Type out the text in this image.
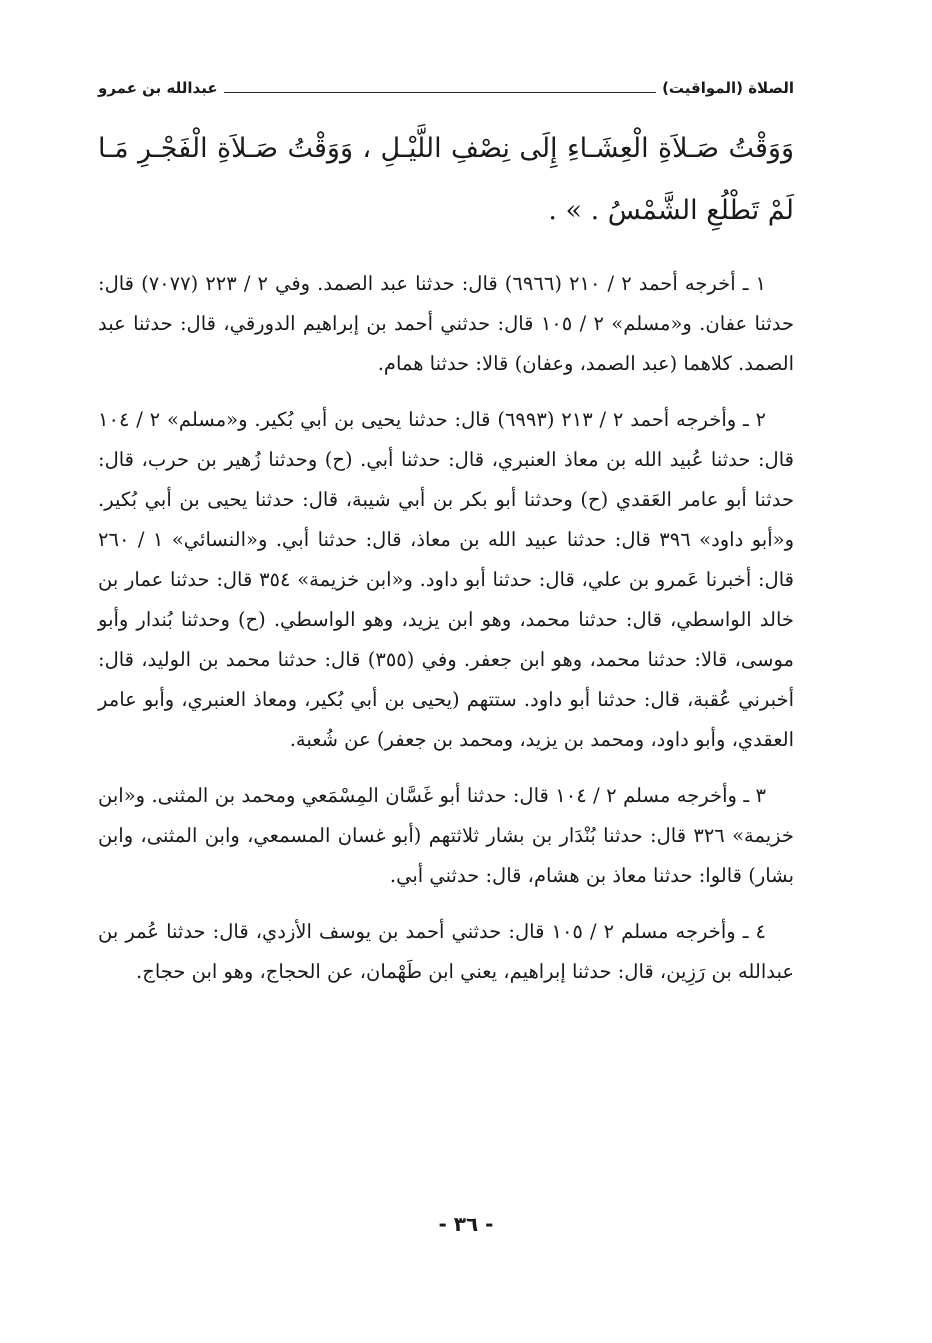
الصلاة (المواقيت)
عبدالله بن عمرو

وَوَقْتُ صَـلاَةِ الْعِشَـاءِ إِلَى نِصْفِ اللَّيْـلِ ، وَوَقْتُ صَـلاَةِ الْفَجْـرِ مَـا لَمْ تَطْلُعِ الشَّمْسُ . » .

١ ـ أخرجه أحمد ٢ / ٢١٠ (٦٩٦٦) قال: حدثنا عبد الصمد. وفي ٢ / ٢٢٣ (٧٠٧٧) قال: حدثنا عفان. و«مسلم» ٢ / ١٠٥ قال: حدثني أحمد بن إبراهيم الدورقي، قال: حدثنا عبد الصمد. كلاهما (عبد الصمد، وعفان) قالا: حدثنا همام.

٢ ـ وأخرجه أحمد ٢ / ٢١٣ (٦٩٩٣) قال: حدثنا يحيى بن أبي بُكير. و«مسلم» ٢ / ١٠٤ قال: حدثنا عُبيد الله بن معاذ العنبري، قال: حدثنا أبي. (ح) وحدثنا زُهير بن حرب، قال: حدثنا أبو عامر العَقدي (ح) وحدثنا أبو بكر بن أبي شيبة، قال: حدثنا يحيى بن أبي بُكير. و«أبو داود» ٣٩٦ قال: حدثنا عبيد الله بن معاذ، قال: حدثنا أبي. و«النسائي» ١ / ٢٦٠ قال: أخبرنا عَمرو بن علي، قال: حدثنا أبو داود. و«ابن خزيمة» ٣٥٤ قال: حدثنا عمار بن خالد الواسطي، قال: حدثنا محمد، وهو ابن يزيد، وهو الواسطي. (ح) وحدثنا بُندار وأبو موسى، قالا: حدثنا محمد، وهو ابن جعفر. وفي (٣٥٥) قال: حدثنا محمد بن الوليد، قال: أخبرني عُقبة، قال: حدثنا أبو داود. ستتهم (يحيى بن أبي بُكير، ومعاذ العنبري، وأبو عامر العقدي، وأبو داود، ومحمد بن يزيد، ومحمد بن جعفر) عن شُعبة.

٣ ـ وأخرجه مسلم ٢ / ١٠٤ قال: حدثنا أبو غَسَّان المِسْمَعي ومحمد بن المثنى. و«ابن خزيمة» ٣٢٦ قال: حدثنا بُنْدَار بن بشار ثلاثتهم (أبو غسان المسمعي، وابن المثنى، وابن بشار) قالوا: حدثنا معاذ بن هشام، قال: حدثني أبي.

٤ ـ وأخرجه مسلم ٢ / ١٠٥ قال: حدثني أحمد بن يوسف الأزدي، قال: حدثنا عُمر بن عبدالله بن رَزِين، قال: حدثنا إبراهيم، يعني ابن طَهْمان، عن الحجاج، وهو ابن حجاج.

- ٣٦ -
